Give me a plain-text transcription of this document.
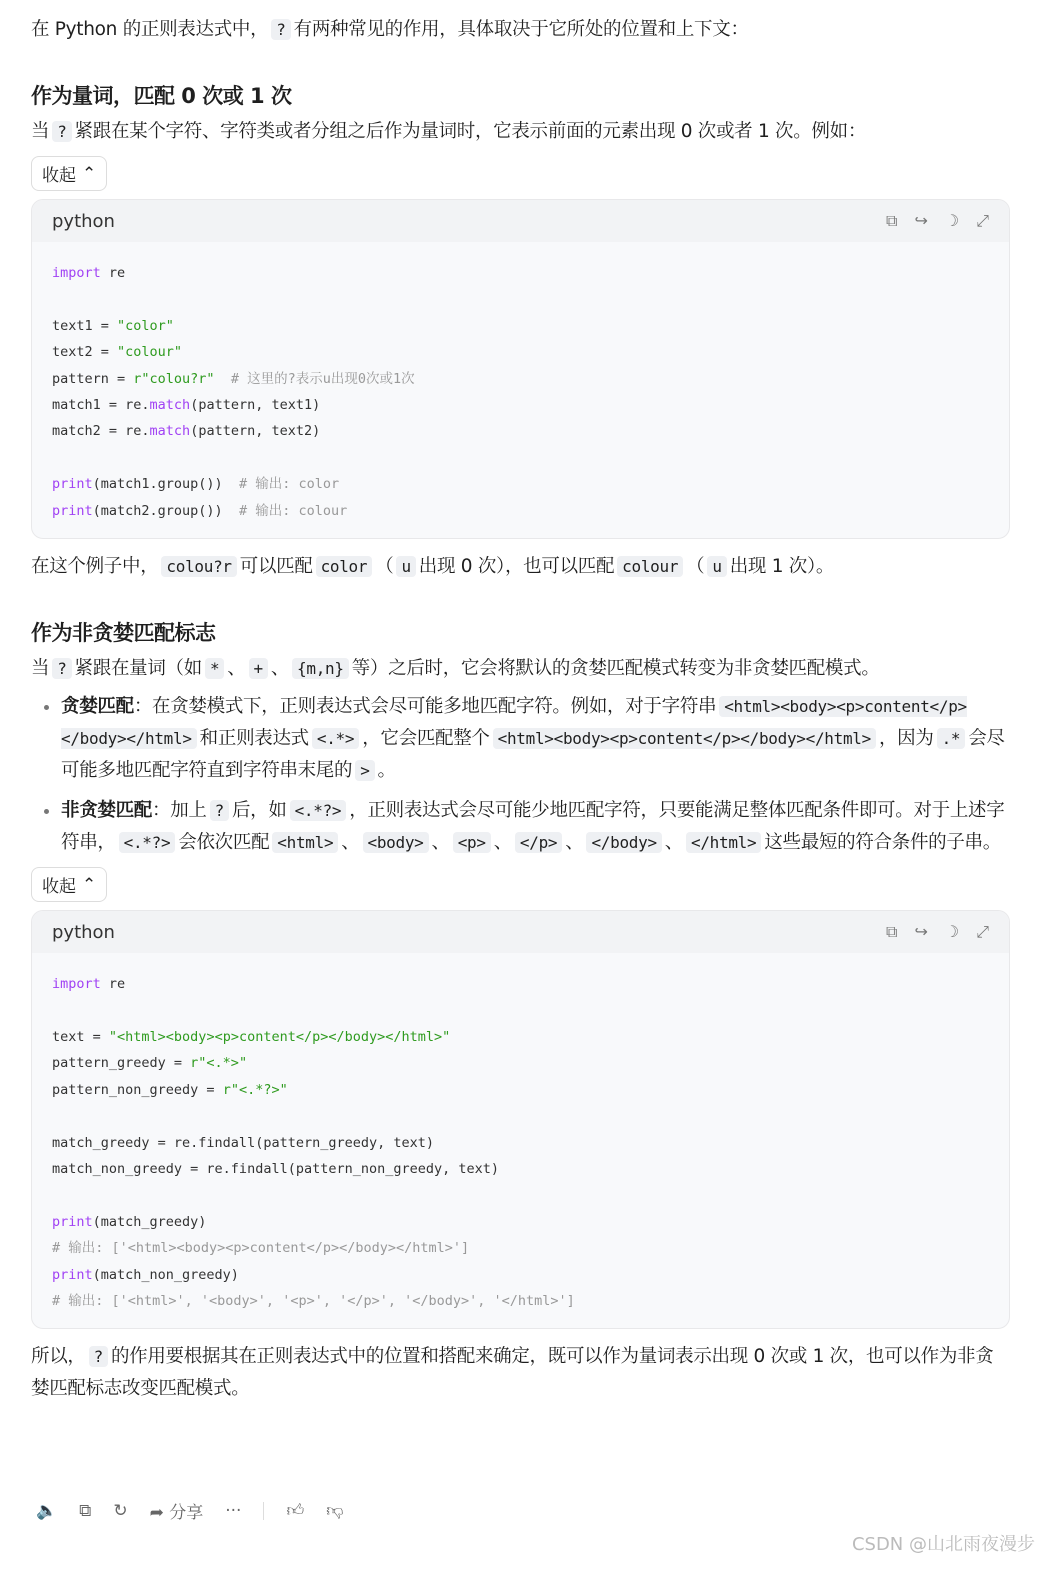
在 Python 的正则表达式中， ? 有两种常见的作用，具体取决于它所处的位置和上下文：

作为量词，匹配 0 次或 1 次

当 ? 紧跟在某个字符、字符类或者分组之后作为量词时，它表示前面的元素出现 0 次或者 1 次。例如：

收起 ⌃
python	⧉ ↪ ☽ ⤢
import re

text1 = "color"
text2 = "colour"
pattern = r"colou?r"  # 这里的?表示u出现0次或1次
match1 = re.match(pattern, text1)
match2 = re.match(pattern, text2)

print(match1.group())  # 输出: color
print(match2.group())  # 输出: colour

在这个例子中， colou?r 可以匹配 color （ u 出现 0 次），也可以匹配 colour （ u 出现 1 次）。

作为非贪婪匹配标志

当 ? 紧跟在量词（如 * 、 + 、 {m,n} 等）之后时，它会将默认的贪婪匹配模式转变为非贪婪匹配模式。

• 贪婪匹配：在贪婪模式下，正则表达式会尽可能多地匹配字符。例如，对于字符串 <html><body><p>content</p></body></html> 和正则表达式 <.*> ，它会匹配整个 <html><body><p>content</p></body></html> ，因为 .* 会尽可能多地匹配字符直到字符串末尾的 > 。
• 非贪婪匹配：加上 ? 后，如 <.*?> ，正则表达式会尽可能少地匹配字符，只要能满足整体匹配条件即可。对于上述字符串， <.*?> 会依次匹配 <html> 、 <body> 、 <p> 、 </p> 、 </body> 、 </html> 这些最短的符合条件的子串。
收起 ⌃
python	⧉ ↪ ☽ ⤢
import re

text = "<html><body><p>content</p></body></html>"
pattern_greedy = r"<.*>"
pattern_non_greedy = r"<.*?>"

match_greedy = re.findall(pattern_greedy, text)
match_non_greedy = re.findall(pattern_non_greedy, text)

print(match_greedy)
# 输出: ['<html><body><p>content</p></body></html>']
print(match_non_greedy)
# 输出: ['<html>', '<body>', '<p>', '</p>', '</body>', '</html>']

所以， ? 的作用要根据其在正则表达式中的位置和搭配来确定，既可以作为量词表示出现 0 次或 1 次，也可以作为非贪婪匹配标志改变匹配模式。

🔈 ⧉ ↻ ➦ 分享 ···	👍︎ 👎︎
CSDN @山北雨夜漫步
